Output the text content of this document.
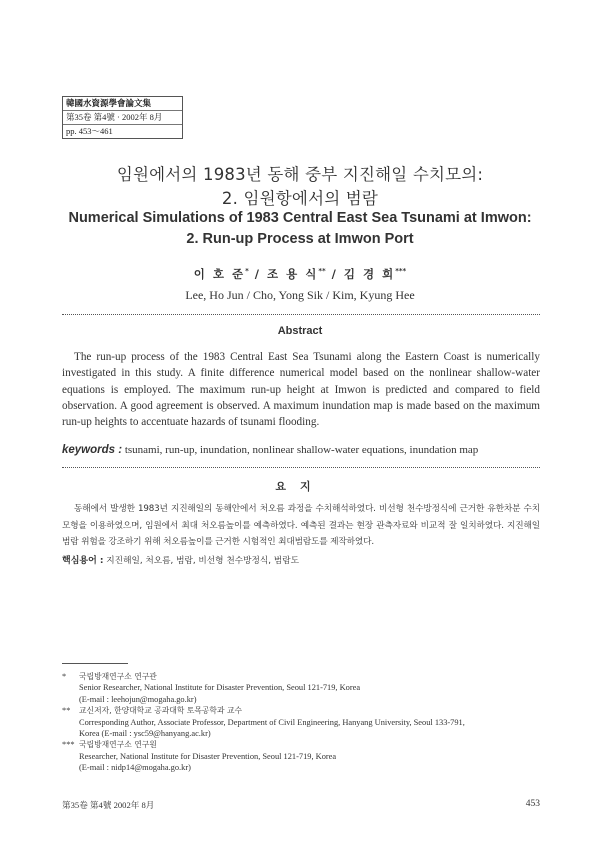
韓國水資源學會論文集
第35卷 第4號 · 2002年 8月
pp. 453～461
임원에서의 1983년 동해 중부 지진해일 수치모의:
2. 임원항에서의 범람
Numerical Simulations of 1983 Central East Sea Tsunami at Imwon:
2. Run-up Process at Imwon Port
이 호 준* / 조 용 식** / 김 경 희***
Lee, Ho Jun / Cho, Yong Sik / Kim, Kyung Hee
Abstract

The run-up process of the 1983 Central East Sea Tsunami along the Eastern Coast is numerically investigated in this study. A finite difference numerical model based on the nonlinear shallow-water equations is employed. The maximum run-up height at Imwon is predicted and compared to field observation. A good agreement is observed. A maximum inundation map is made based on the maximum run-up heights to accentuate hazards of tsunami flooding.

keywords : tsunami, run-up, inundation, nonlinear shallow-water equations, inundation map
요지

동해에서 발생한 1983년 지진해일의 동해안에서 처오름 과정을 수치해석하였다. 비선형 천수방정식에 근거한 유한차분 수치모형을 이용하였으며, 임원에서 최대 처오름높이를 예측하였다. 예측된 결과는 현장 관측자료와 비교적 잘 일치하였다. 지진해일 범람 위험을 강조하기 위해 처오름높이를 근거한 시험적인 최대범람도를 제작하였다.

핵심용어 : 지진해일, 처오름, 범람, 비선형 천수방정식, 범람도
* 국립방재연구소 연구관
Senior Researcher, National Institute for Disaster Prevention, Seoul 121-719, Korea
(E-mail : leehojun@mogaha.go.kr)
** 교신저자, 한양대학교 공과대학 토목공학과 교수
Corresponding Author, Associate Professor, Department of Civil Engineering, Hanyang University, Seoul 133-791,
Korea (E-mail : ysc59@hanyang.ac.kr)
*** 국립방재연구소 연구원
Researcher, National Institute for Disaster Prevention, Seoul 121-719, Korea
(E-mail : nidp14@mogaha.go.kr)
第35卷 第4號 2002年 8月	453
